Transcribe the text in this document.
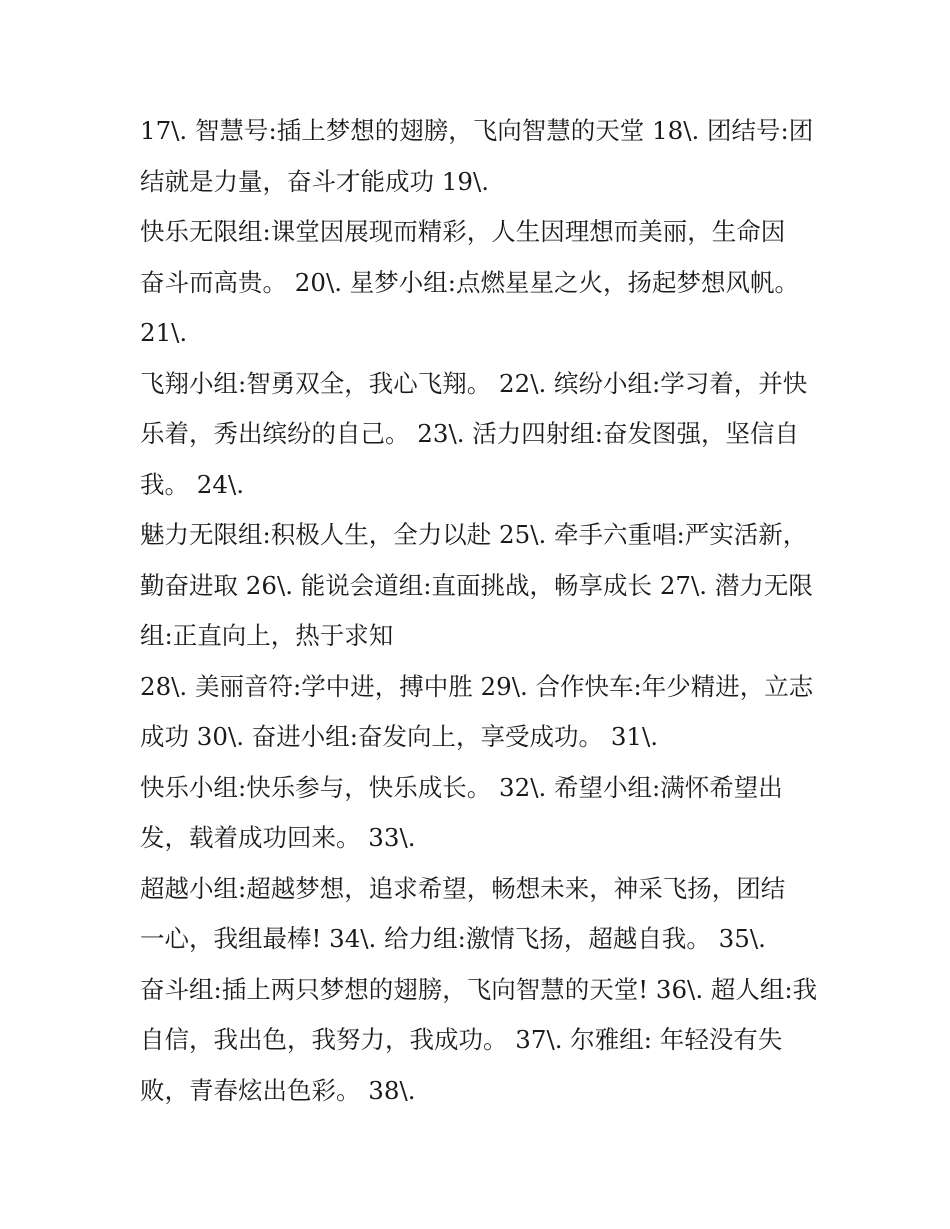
17\. 智慧号:插上梦想的翅膀，飞向智慧的天堂 18\. 团结号:团

结就是力量，奋斗才能成功 19\.

快乐无限组:课堂因展现而精彩，人生因理想而美丽，生命因

奋斗而高贵。 20\. 星梦小组:点燃星星之火，扬起梦想风帆。

21\.

飞翔小组:智勇双全，我心飞翔。 22\. 缤纷小组:学习着，并快

乐着，秀出缤纷的自己。 23\. 活力四射组:奋发图强，坚信自

我。 24\.

魅力无限组:积极人生，全力以赴 25\. 牵手六重唱:严实活新，

勤奋进取 26\. 能说会道组:直面挑战，畅享成长 27\. 潜力无限

组:正直向上，热于求知

28\. 美丽音符:学中进，搏中胜 29\. 合作快车:年少精进，立志

成功 30\. 奋进小组:奋发向上，享受成功。 31\.

快乐小组:快乐参与，快乐成长。 32\. 希望小组:满怀希望出

发，载着成功回来。 33\.

超越小组:超越梦想，追求希望，畅想未来，神采飞扬，团结

一心，我组最棒! 34\. 给力组:激情飞扬，超越自我。 35\.

奋斗组:插上两只梦想的翅膀，飞向智慧的天堂! 36\. 超人组:我

自信，我出色，我努力，我成功。 37\. 尔雅组: 年轻没有失

败，青春炫出色彩。 38\.
